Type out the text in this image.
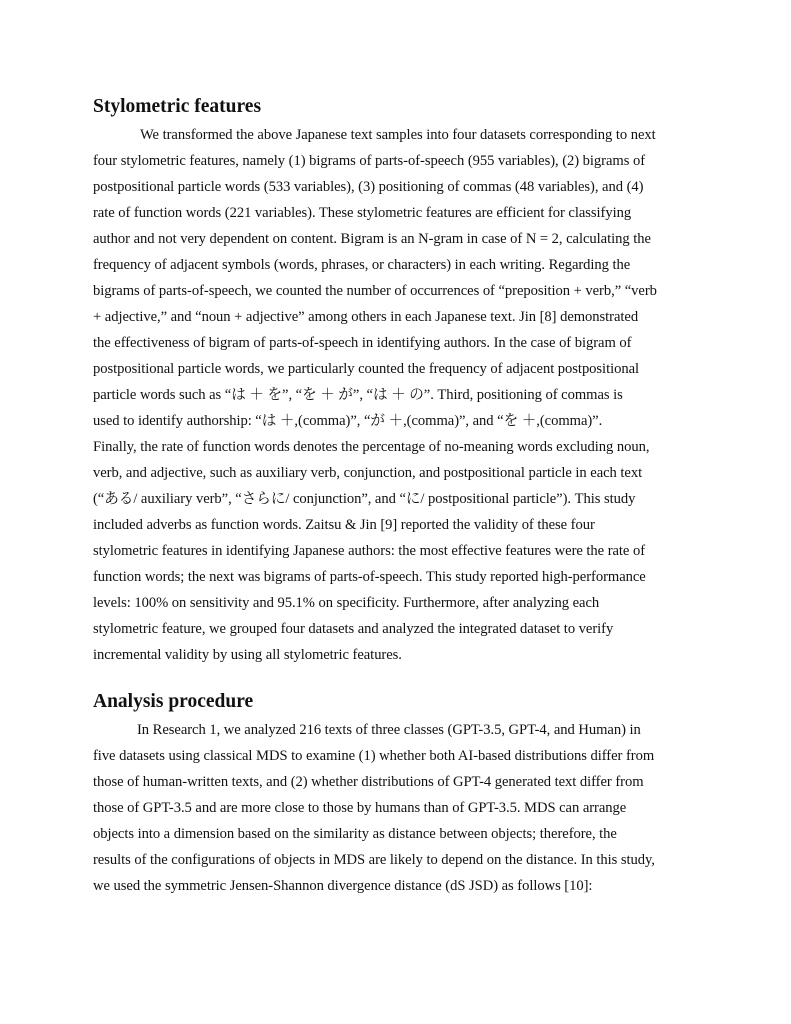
Stylometric features
We transformed the above Japanese text samples into four datasets corresponding to next
four stylometric features, namely (1) bigrams of parts-of-speech (955 variables), (2) bigrams of
postpositional particle words (533 variables), (3) positioning of commas (48 variables), and (4)
rate of function words (221 variables). These stylometric features are efficient for classifying
author and not very dependent on content. Bigram is an N-gram in case of N = 2, calculating the
frequency of adjacent symbols (words, phrases, or characters) in each writing. Regarding the
bigrams of parts-of-speech, we counted the number of occurrences of “preposition + verb,” “verb
+ adjective,” and “noun + adjective” among others in each Japanese text. Jin [8] demonstrated
the effectiveness of bigram of parts-of-speech in identifying authors. In the case of bigram of
postpositional particle words, we particularly counted the frequency of adjacent postpositional
particle words such as “は ＋ を”, “を ＋ が”, “は ＋ の”. Third, positioning of commas is
used to identify authorship: “は ＋,(comma)”, “が ＋,(comma)”, and “を ＋,(comma)”.
Finally, the rate of function words denotes the percentage of no-meaning words excluding noun,
verb, and adjective, such as auxiliary verb, conjunction, and postpositional particle in each text
(“ある/ auxiliary verb”, “さらに/ conjunction”, and “に/ postpositional particle”). This study
included adverbs as function words. Zaitsu & Jin [9] reported the validity of these four
stylometric features in identifying Japanese authors: the most effective features were the rate of
function words; the next was bigrams of parts-of-speech. This study reported high-performance
levels: 100% on sensitivity and 95.1% on specificity. Furthermore, after analyzing each
stylometric feature, we grouped four datasets and analyzed the integrated dataset to verify
incremental validity by using all stylometric features.
Analysis procedure
In Research 1, we analyzed 216 texts of three classes (GPT-3.5, GPT-4, and Human) in
five datasets using classical MDS to examine (1) whether both AI-based distributions differ from
those of human-written texts, and (2) whether distributions of GPT-4 generated text differ from
those of GPT-3.5 and are more close to those by humans than of GPT-3.5. MDS can arrange
objects into a dimension based on the similarity as distance between objects; therefore, the
results of the configurations of objects in MDS are likely to depend on the distance. In this study,
we used the symmetric Jensen-Shannon divergence distance (dS JSD) as follows [10]:
